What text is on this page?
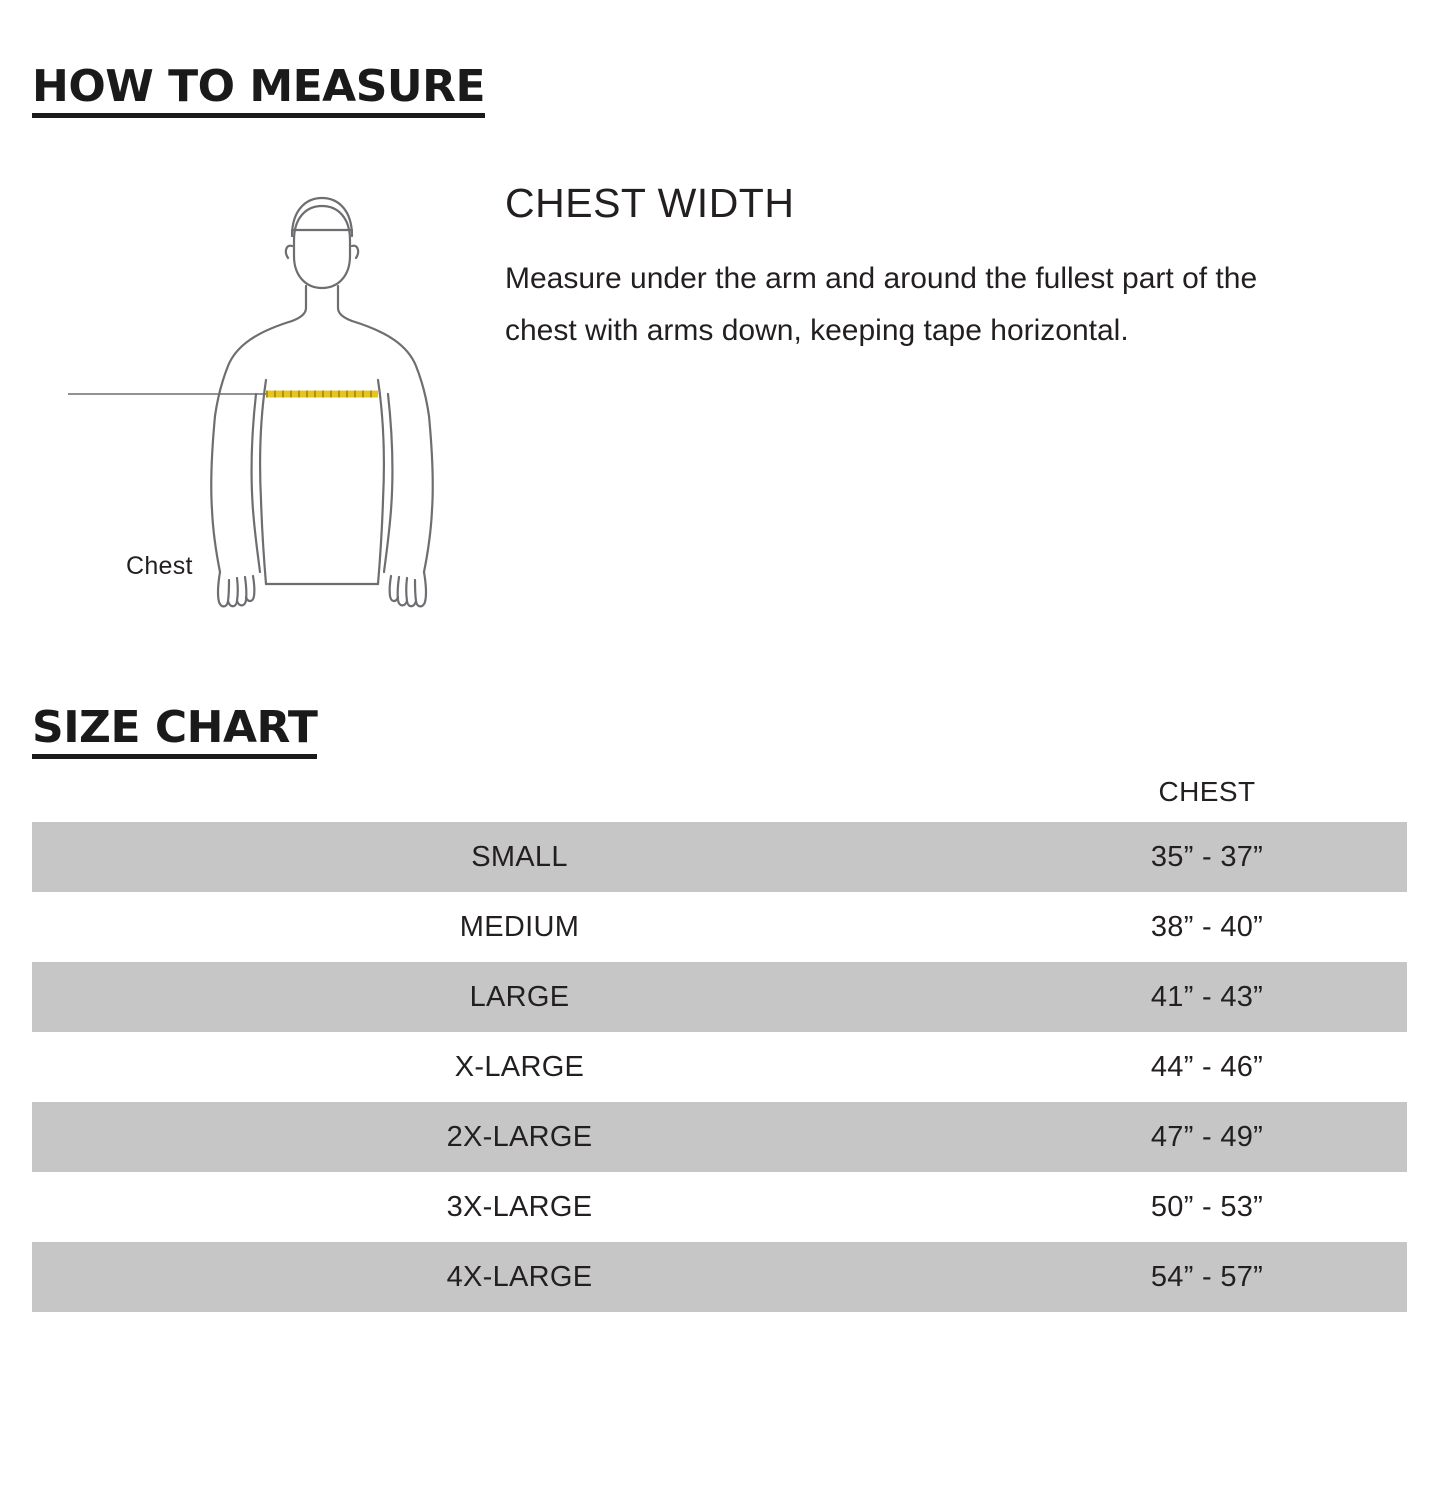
HOW TO MEASURE
Chest
CHEST WIDTH

Measure under the arm and around the fullest part of the chest with arms down, keeping tape horizontal.

SIZE CHART
	CHEST
SMALL	35” - 37”
MEDIUM	38” - 40”
LARGE	41” - 43”
X-LARGE	44” - 46”
2X-LARGE	47” - 49”
3X-LARGE	50” - 53”
4X-LARGE	54” - 57”
